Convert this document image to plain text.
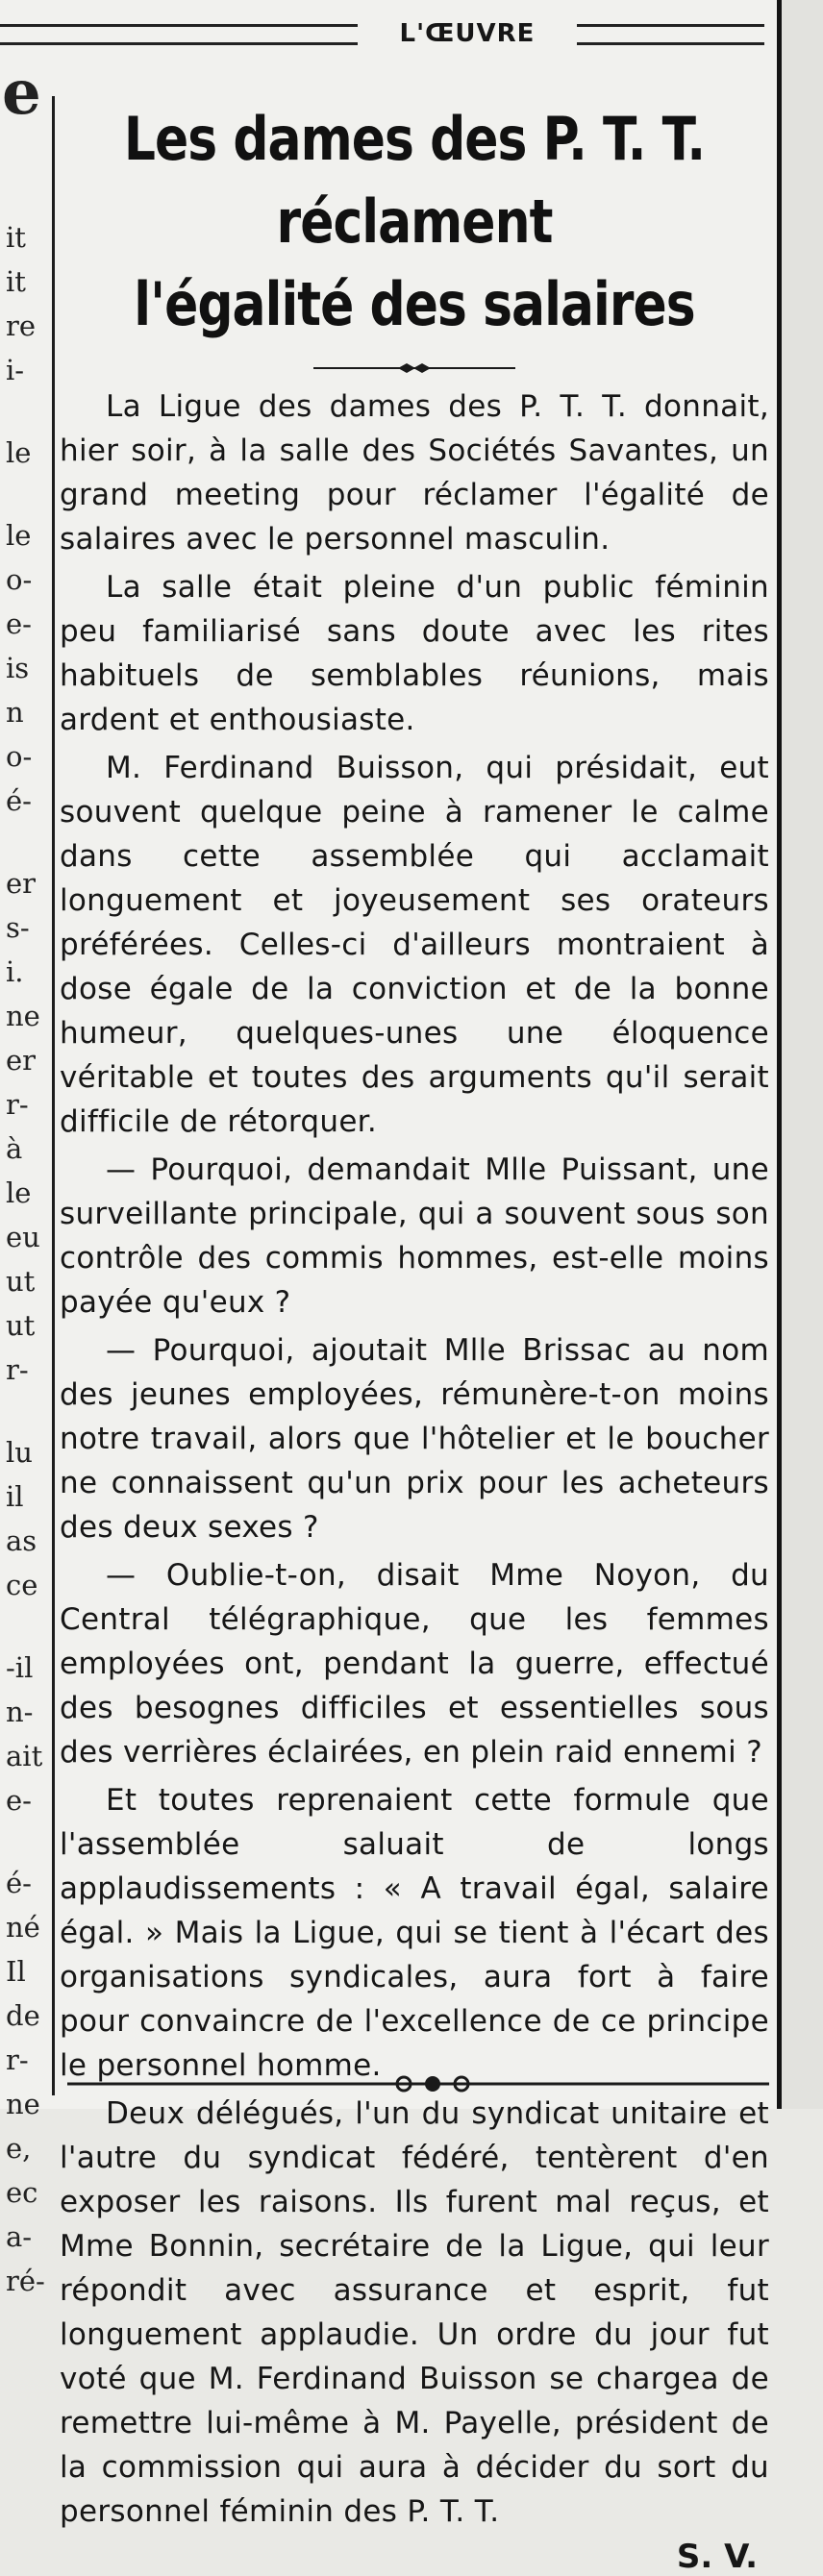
L'ŒUVRE
e
it
it
re
i-
le
le
o-
e-
is
n
o-
é-
er
s-
i.
ne
er
r-
à
le
eu
ut
ut
r-
lu
il
as
ce
-il
n-
ait
e-
é-
né
Il
de
r-
ne
e,
ec
a-
ré-
Les dames des P. T. T. réclament
l'égalité des salaires

La Ligue des dames des P. T. T. donnait, hier soir, à la salle des Sociétés Savantes, un grand meeting pour réclamer l'égalité de salaires avec le personnel masculin.

La salle était pleine d'un public féminin peu familiarisé sans doute avec les rites habituels de semblables réunions, mais ardent et enthousiaste.

M. Ferdinand Buisson, qui présidait, eut souvent quelque peine à ramener le calme dans cette assemblée qui acclamait longuement et joyeusement ses orateurs préférées. Celles-ci d'ailleurs montraient à dose égale de la conviction et de la bonne humeur, quelques-unes une éloquence véritable et toutes des arguments qu'il serait difficile de rétorquer.

— Pourquoi, demandait Mlle Puissant, une surveillante principale, qui a souvent sous son contrôle des commis hommes, est-elle moins payée qu'eux ?

— Pourquoi, ajoutait Mlle Brissac au nom des jeunes employées, rémunère-t-on moins notre travail, alors que l'hôtelier et le boucher ne connaissent qu'un prix pour les acheteurs des deux sexes ?

— Oublie-t-on, disait Mme Noyon, du Central télégraphique, que les femmes employées ont, pendant la guerre, effectué des besognes difficiles et essentielles sous des verrières éclairées, en plein raid ennemi ?

Et toutes reprenaient cette formule que l'assemblée saluait de longs applaudissements : « A travail égal, salaire égal. » Mais la Ligue, qui se tient à l'écart des organisations syndicales, aura fort à faire pour convaincre de l'excellence de ce principe le personnel homme.

Deux délégués, l'un du syndicat unitaire et l'autre du syndicat fédéré, tentèrent d'en exposer les raisons. Ils furent mal reçus, et Mme Bonnin, secrétaire de la Ligue, qui leur répondit avec assurance et esprit, fut longuement applaudie. Un ordre du jour fut voté que M. Ferdinand Buisson se chargea de remettre lui-même à M. Payelle, président de la commission qui aura à décider du sort du personnel féminin des P. T. T.

S. V.
